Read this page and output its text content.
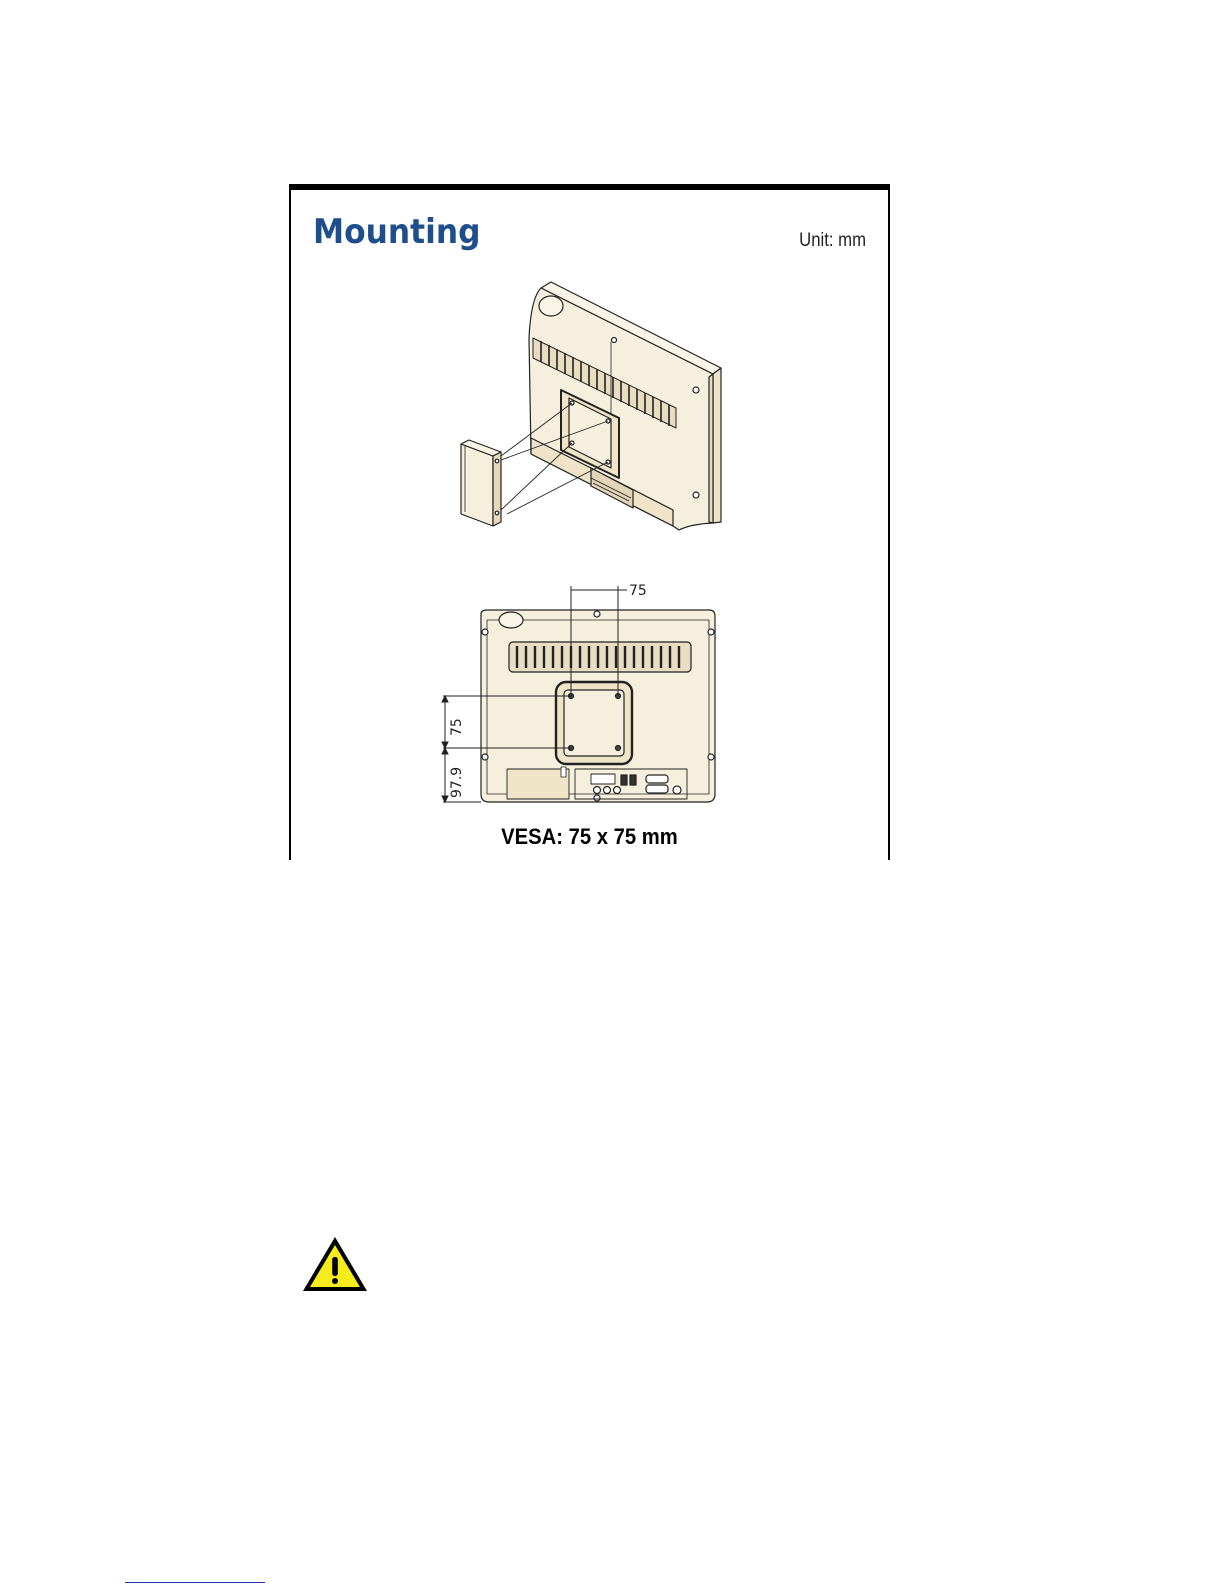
Mounting	Unit: mm
75
75
97.9
VESA: 75 x 75 mm
